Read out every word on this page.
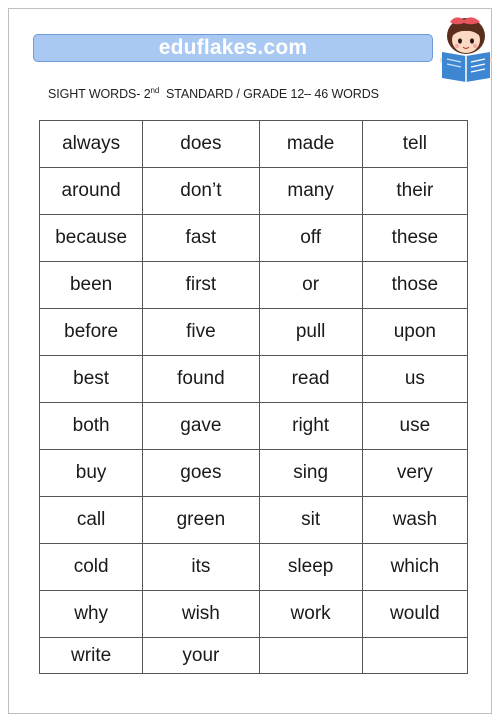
eduflakes.com
SIGHT WORDS- 2nd  STANDARD / GRADE 12– 46 WORDS
always	does	made	tell
around	don’t	many	their
because	fast	off	these
been	first	or	those
before	five	pull	upon
best	found	read	us
both	gave	right	use
buy	goes	sing	very
call	green	sit	wash
cold	its	sleep	which
why	wish	work	would
write	your		
